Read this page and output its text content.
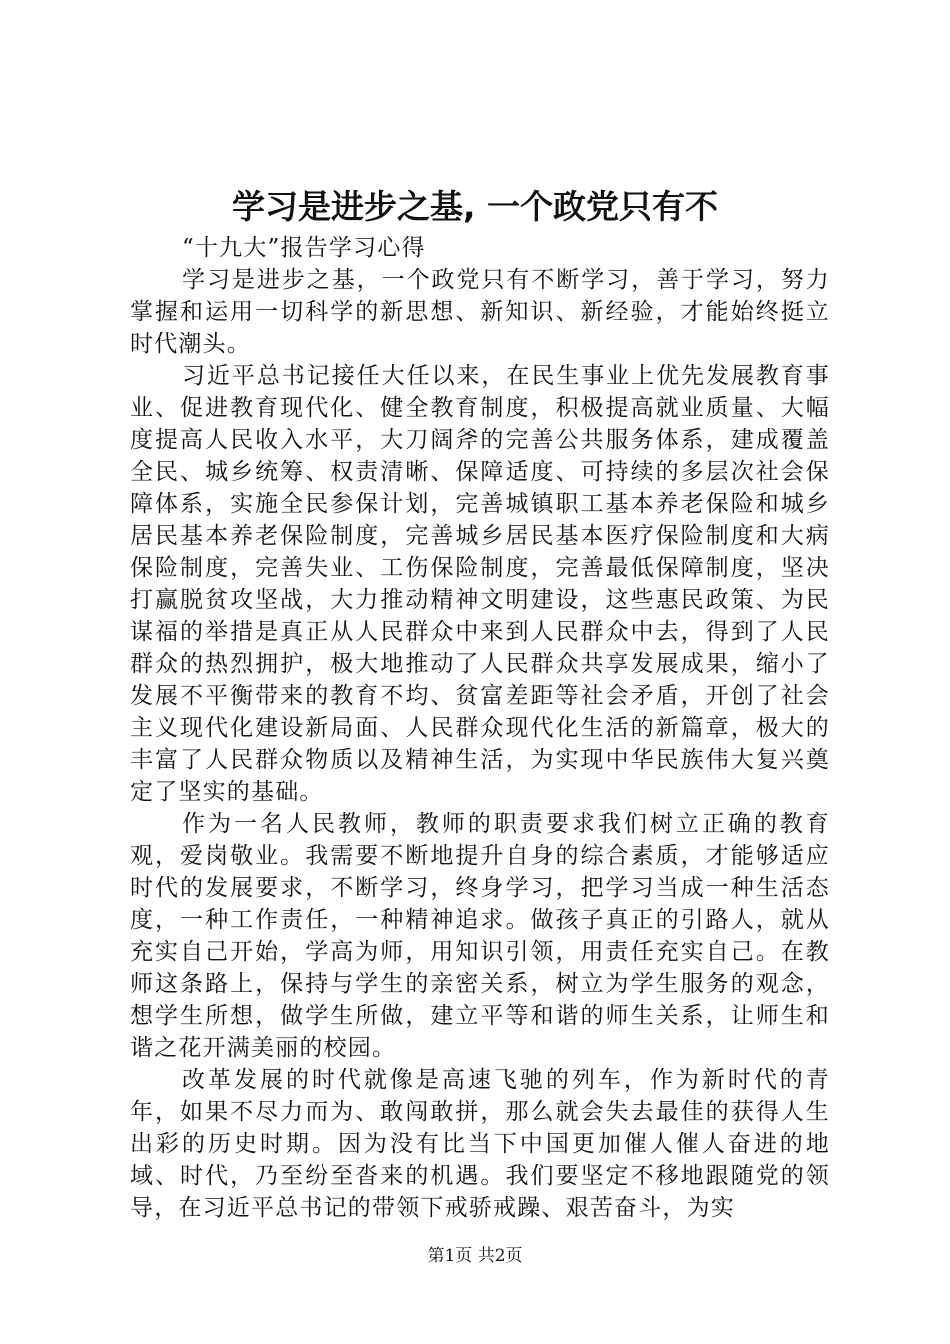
学习是进步之基, 一个政党只有不

“十九大”报告学习心得

学习是进步之基，一个政党只有不断学习，善于学习，努力掌握和运用一切科学的新思想、新知识、新经验，才能始终挺立时代潮头。

习近平总书记接任大任以来，在民生事业上优先发展教育事业、促进教育现代化、健全教育制度，积极提高就业质量、大幅度提高人民收入水平，大刀阔斧的完善公共服务体系，建成覆盖全民、城乡统筹、权责清晰、保障适度、可持续的多层次社会保障体系，实施全民参保计划，完善城镇职工基本养老保险和城乡居民基本养老保险制度，完善城乡居民基本医疗保险制度和大病保险制度，完善失业、工伤保险制度，完善最低保障制度，坚决打赢脱贫攻坚战，大力推动精神文明建设，这些惠民政策、为民谋福的举措是真正从人民群众中来到人民群众中去，得到了人民群众的热烈拥护，极大地推动了人民群众共享发展成果，缩小了发展不平衡带来的教育不均、贫富差距等社会矛盾，开创了社会主义现代化建设新局面、人民群众现代化生活的新篇章，极大的丰富了人民群众物质以及精神生活，为实现中华民族伟大复兴奠定了坚实的基础。

作为一名人民教师，教师的职责要求我们树立正确的教育观，爱岗敬业。我需要不断地提升自身的综合素质，才能够适应时代的发展要求，不断学习，终身学习，把学习当成一种生活态度，一种工作责任，一种精神追求。做孩子真正的引路人，就从充实自己开始，学高为师，用知识引领，用责任充实自己。在教师这条路上，保持与学生的亲密关系，树立为学生服务的观念，想学生所想，做学生所做，建立平等和谐的师生关系，让师生和谐之花开满美丽的校园。

改革发展的时代就像是高速飞驰的列车，作为新时代的青年，如果不尽力而为、敢闯敢拼，那么就会失去最佳的获得人生出彩的历史时期。因为没有比当下中国更加催人催人奋进的地域、时代，乃至纷至沓来的机遇。我们要坚定不移地跟随党的领导，在习近平总书记的带领下戒骄戒躁、艰苦奋斗，为实

第1页 共2页
